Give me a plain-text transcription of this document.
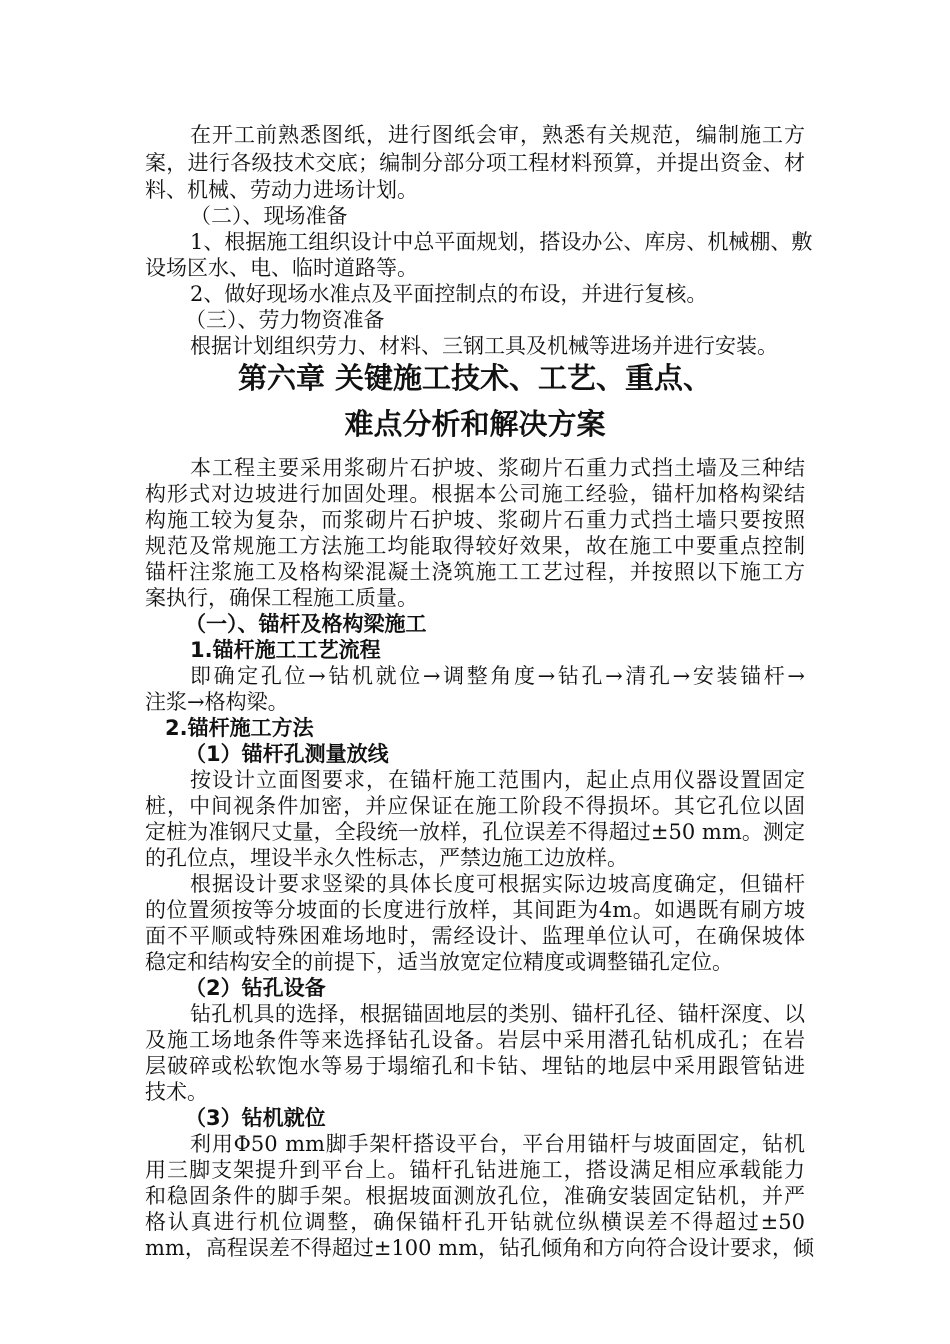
在开工前熟悉图纸，进行图纸会审，熟悉有关规范，编制施工方
案，进行各级技术交底；编制分部分项工程材料预算，并提出资金、材
料、机械、劳动力进场计划。
（二）、现场准备
1、根据施工组织设计中总平面规划，搭设办公、库房、机械棚、敷
设场区水、电、临时道路等。
2、做好现场水准点及平面控制点的布设，并进行复核。
（三）、劳力物资准备
根据计划组织劳力、材料、三钢工具及机械等进场并进行安装。
第六章 关键施工技术、工艺、重点、
难点分析和解决方案
本工程主要采用浆砌片石护坡、浆砌片石重力式挡土墙及三种结
构形式对边坡进行加固处理。根据本公司施工经验，锚杆加格构梁结
构施工较为复杂，而浆砌片石护坡、浆砌片石重力式挡土墙只要按照
规范及常规施工方法施工均能取得较好效果，故在施工中要重点控制
锚杆注浆施工及格构梁混凝土浇筑施工工艺过程，并按照以下施工方
案执行，确保工程施工质量。
（一）、锚杆及格构梁施工
1.锚杆施工工艺流程
即确定孔位→钻机就位→调整角度→钻孔→清孔→安装锚杆→
注浆→格构梁。
2.锚杆施工方法
（1）锚杆孔测量放线
按设计立面图要求，在锚杆施工范围内，起止点用仪器设置固定
桩，中间视条件加密，并应保证在施工阶段不得损坏。其它孔位以固
定桩为准钢尺丈量，全段统一放样，孔位误差不得超过±50 mm。测定
的孔位点，埋设半永久性标志，严禁边施工边放样。
根据设计要求竖梁的具体长度可根据实际边坡高度确定，但锚杆
的位置须按等分坡面的长度进行放样，其间距为4m。如遇既有刷方坡
面不平顺或特殊困难场地时，需经设计、监理单位认可，在确保坡体
稳定和结构安全的前提下，适当放宽定位精度或调整锚孔定位。
（2）钻孔设备
钻孔机具的选择，根据锚固地层的类别、锚杆孔径、锚杆深度、以
及施工场地条件等来选择钻孔设备。岩层中采用潜孔钻机成孔；在岩
层破碎或松软饱水等易于塌缩孔和卡钻、埋钻的地层中采用跟管钻进
技术。
（3）钻机就位
利用Φ50 mm脚手架杆搭设平台，平台用锚杆与坡面固定，钻机
用三脚支架提升到平台上。锚杆孔钻进施工，搭设满足相应承载能力
和稳固条件的脚手架。根据坡面测放孔位，准确安装固定钻机，并严
格认真进行机位调整，确保锚杆孔开钻就位纵横误差不得超过±50
mm，高程误差不得超过±100 mm，钻孔倾角和方向符合设计要求，倾
